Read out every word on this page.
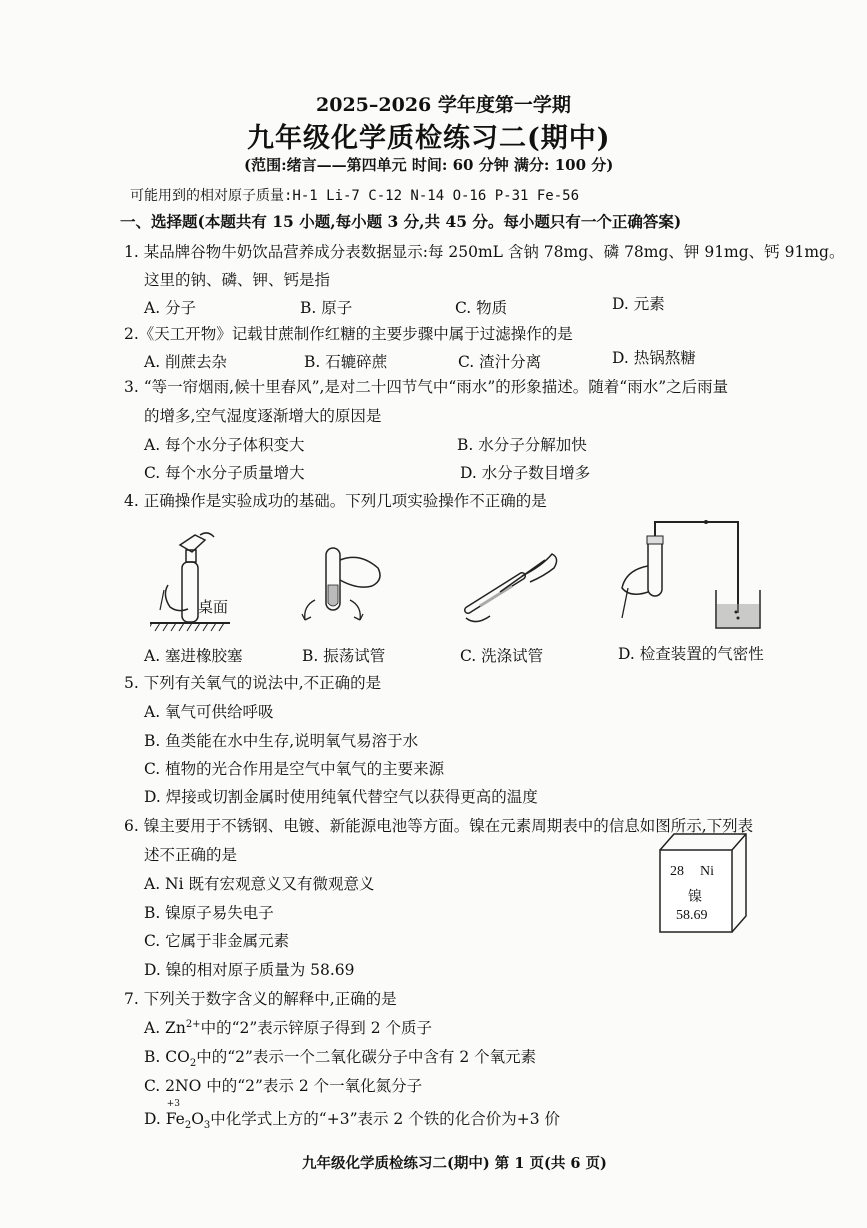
2025–2026 学年度第一学期
九年级化学质检练习二(期中)
(范围:绪言——第四单元 时间: 60 分钟 满分: 100 分)
可能用到的相对原子质量:H-1 Li-7 C-12 N-14 O-16 P-31 Fe-56
一、选择题(本题共有 15 小题,每小题 3 分,共 45 分。每小题只有一个正确答案)
1. 某品牌谷物牛奶饮品营养成分表数据显示:每 250mL 含钠 78mg、磷 78mg、钾 91mg、钙 91mg。
这里的钠、磷、钾、钙是指
A. 分子	B. 原子	C. 物质	D. 元素
2.《天工开物》记载甘蔗制作红糖的主要步骤中属于过滤操作的是
A. 削蔗去杂	B. 石辘碎蔗	C. 渣汁分离	D. 热锅熬糖
3. “等一帘烟雨,候十里春风”,是对二十四节气中“雨水”的形象描述。随着“雨水”之后雨量
的增多,空气湿度逐渐增大的原因是
A. 每个水分子体积变大	B. 水分子分解加快
C. 每个水分子质量增大	D. 水分子数目增多
4. 正确操作是实验成功的基础。下列几项实验操作不正确的是
桌面
A. 塞进橡胶塞	B. 振荡试管	C. 洗涤试管	D. 检查装置的气密性
5. 下列有关氧气的说法中,不正确的是
A. 氧气可供给呼吸
B. 鱼类能在水中生存,说明氧气易溶于水
C. 植物的光合作用是空气中氧气的主要来源
D. 焊接或切割金属时使用纯氧代替空气以获得更高的温度
6. 镍主要用于不锈钢、电镀、新能源电池等方面。镍在元素周期表中的信息如图所示,下列表
述不正确的是
A. Ni 既有宏观意义又有微观意义
B. 镍原子易失电子
C. 它属于非金属元素
D. 镍的相对原子质量为 58.69
28 Ni
镍
58.69
7. 下列关于数字含义的解释中,正确的是
A. $Zn^{2+}$中的“2”表示锌原子得到 2 个质子
B. $CO_2$中的“2”表示一个二氧化碳分子中含有 2 个氧元素
C. 2NO 中的“2”表示 2 个一氧化氮分子
D.
+3
$Fe_2O_3$中化学式上方的“+3”表示 2 个铁的化合价为+3 价
九年级化学质检练习二(期中) 第 1 页(共 6 页)
